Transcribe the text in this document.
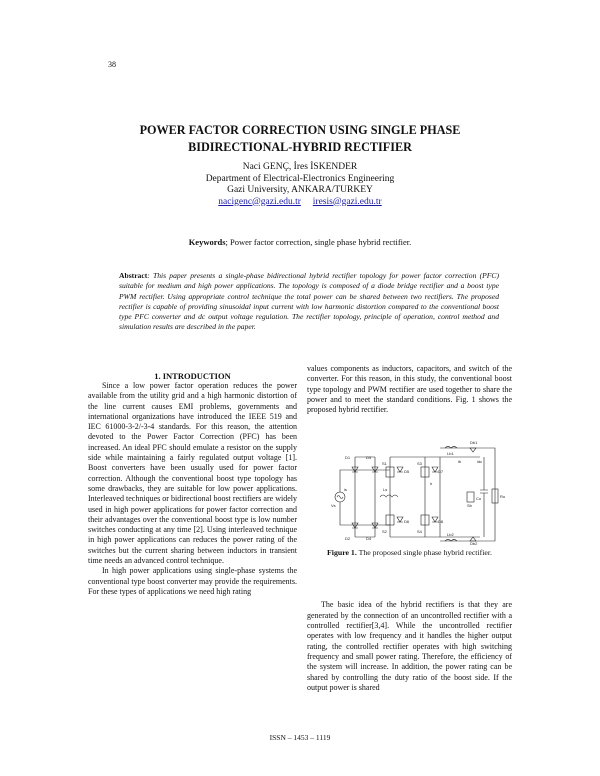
38
POWER FACTOR CORRECTION USING SINGLE PHASE
BIDIRECTIONAL-HYBRID RECTIFIER
Naci GENÇ, İres İSKENDER
Department of Electrical-Electronics Engineering
Gazi University, ANKARA/TURKEY
nacigenc@gazi.edu.tr iresis@gazi.edu.tr
Keywords; Power factor correction, single phase hybrid rectifier.
Abstract: This paper presents a single-phase bidirectional hybrid rectifier topology for power factor correction (PFC) suitable for medium and high power applications. The topology is composed of a diode bridge rectifier and a boost type PWM rectifier. Using appropriate control technique the total power can be shared between two rectifiers. The proposed rectifier is capable of providing sinusoidal input current with low harmonic distortion compared to the conventional boost type PFC converter and dc output voltage regulation. The rectifier topology, principle of operation, control method and simulation results are described in the paper.
1. INTRODUCTION

Since a low power factor operation reduces the power available from the utility grid and a high harmonic distortion of the line current causes EMI problems, governments and international organizations have introduced the IEEE 519 and IEC 61000-3-2/-3-4 standards. For this reason, the attention devoted to the Power Factor Correction (PFC) has been increased. An ideal PFC should emulate a resistor on the supply side while maintaining a fairly regulated output voltage [1]. Boost converters have been usually used for power factor correction. Although the conventional boost type topology has some drawbacks, they are suitable for low power applications. Interleaved techniques or bidirectional boost rectifiers are widely used in high power applications for power factor correction and their advantages over the conventional boost type is low number switches conducting at any time [2]. Using interleaved technique in high power applications can reduces the power rating of the switches but the current sharing between inductors in transient time needs an advanced control technique.

In high power applications using single-phase systems the conventional type boost converter may provide the requirements. For these types of applications we need high rating

values components as inductors, capacitors, and switch of the converter. For this reason, in this study, the conventional boost type topology and PWM rectifier are used together to share the power and to meet the standard conditions. Fig. 1 shows the proposed hybrid rectifier.

The basic idea of the hybrid rectifiers is that they are generated by the connection of an uncontrolled rectifier with a controlled rectifier[3,4]. While the uncontrolled rectifier operates with low frequency and it handles the higher output rating, the controlled rectifier operates with high switching frequency and small power rating. Therefore, the efficiency of the system will increase. In addition, the power rating can be shared by controlling the duty ratio of the boost side. If the output power is shared

D1	D3
D2	D4
is
Vs
Ls
D5	D7
D6	D8
S1	S3
S2	S4
Lb1
Lb2
Db1
Db2
Sb
Co	Ro
idc
ib
ir
Figure 1. The proposed single phase hybrid rectifier.
ISSN – 1453 – 1119
